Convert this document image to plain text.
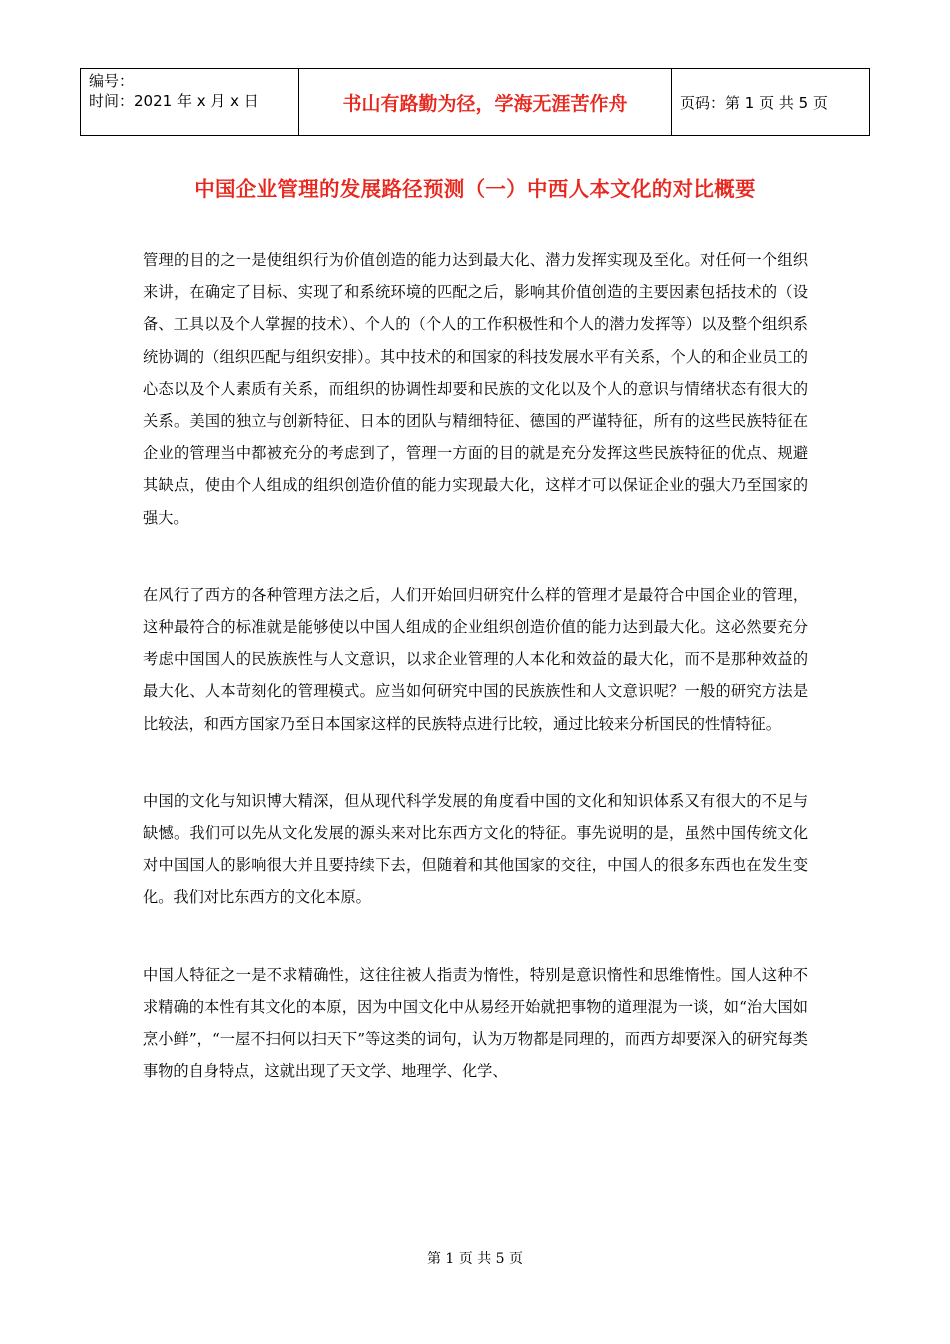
编号：
时间：2021 年 x 月 x 日	书山有路勤为径，学海无涯苦作舟	页码：第 1 页 共 5 页
中国企业管理的发展路径预测（一）中西人本文化的对比概要

管理的目的之一是使组织行为价值创造的能力达到最大化、潜力发挥实现及至化。对任何一个组织来讲，在确定了目标、实现了和系统环境的匹配之后，影响其价值创造的主要因素包括技术的（设备、工具以及个人掌握的技术）、个人的（个人的工作积极性和个人的潜力发挥等）以及整个组织系统协调的（组织匹配与组织安排）。其中技术的和国家的科技发展水平有关系，个人的和企业员工的心态以及个人素质有关系，而组织的协调性却要和民族的文化以及个人的意识与情绪状态有很大的关系。美国的独立与创新特征、日本的团队与精细特征、德国的严谨特征，所有的这些民族特征在企业的管理当中都被充分的考虑到了，管理一方面的目的就是充分发挥这些民族特征的优点、规避其缺点，使由个人组成的组织创造价值的能力实现最大化，这样才可以保证企业的强大乃至国家的强大。

在风行了西方的各种管理方法之后，人们开始回归研究什么样的管理才是最符合中国企业的管理，这种最符合的标准就是能够使以中国人组成的企业组织创造价值的能力达到最大化。这必然要充分考虑中国国人的民族族性与人文意识，以求企业管理的人本化和效益的最大化，而不是那种效益的最大化、人本苛刻化的管理模式。应当如何研究中国的民族族性和人文意识呢？一般的研究方法是比较法，和西方国家乃至日本国家这样的民族特点进行比较，通过比较来分析国民的性情特征。

中国的文化与知识博大精深，但从现代科学发展的角度看中国的文化和知识体系又有很大的不足与缺憾。我们可以先从文化发展的源头来对比东西方文化的特征。事先说明的是，虽然中国传统文化对中国国人的影响很大并且要持续下去，但随着和其他国家的交往，中国人的很多东西也在发生变化。我们对比东西方的文化本原。

中国人特征之一是不求精确性，这往往被人指责为惰性，特别是意识惰性和思维惰性。国人这种不求精确的本性有其文化的本原，因为中国文化中从易经开始就把事物的道理混为一谈，如“治大国如烹小鲜”，“一屋不扫何以扫天下”等这类的词句，认为万物都是同理的，而西方却要深入的研究每类事物的自身特点，这就出现了天文学、地理学、化学、

第 1 页 共 5 页
